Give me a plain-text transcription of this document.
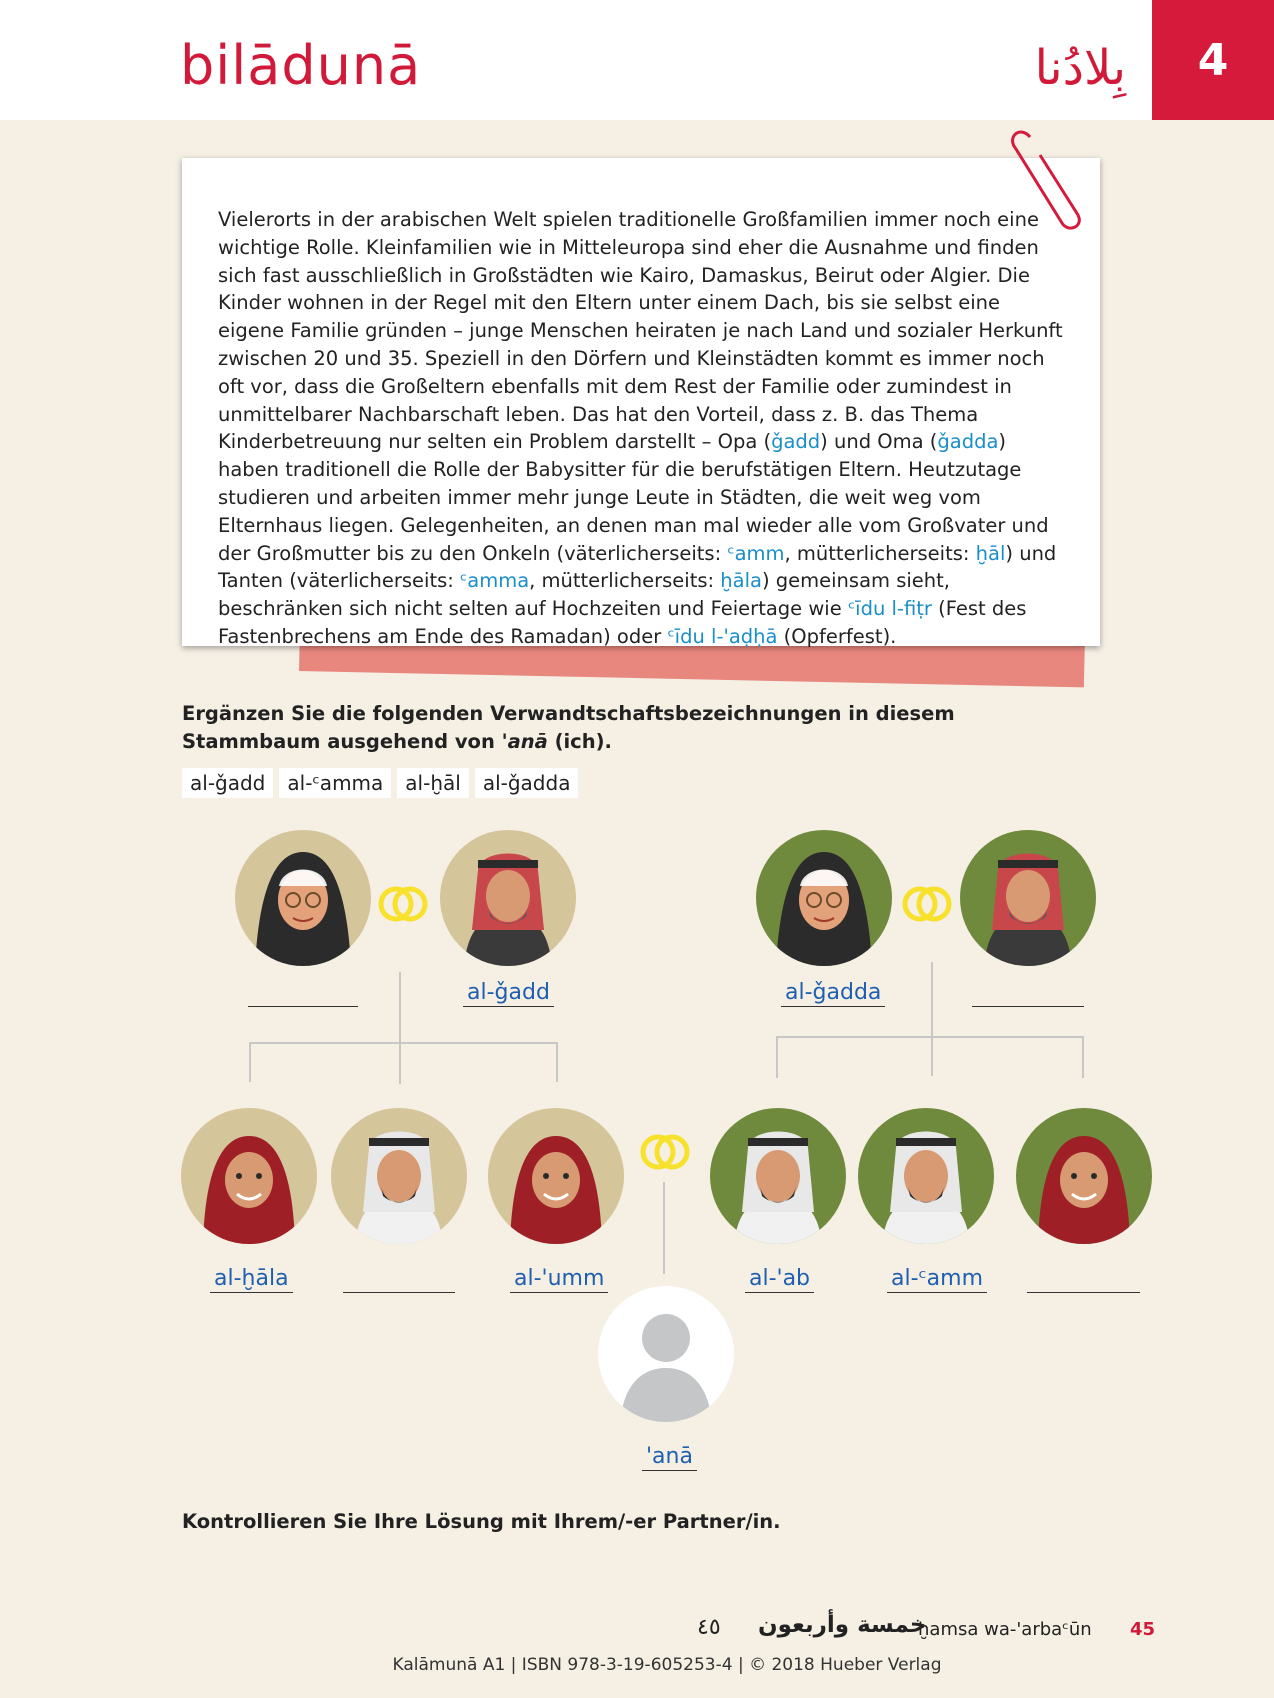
bilādunā	بِلادُنا 4
Vielerorts in der arabischen Welt spielen traditionelle Großfamilien immer noch eine wichtige Rolle. Kleinfamilien wie in Mitteleuropa sind eher die Ausnahme und finden sich fast ausschließlich in Großstädten wie Kairo, Damaskus, Beirut oder Algier. Die Kinder wohnen in der Regel mit den Eltern unter einem Dach, bis sie selbst eine eigene Familie gründen – junge Menschen heiraten je nach Land und sozialer Herkunft zwischen 20 und 35. Speziell in den Dörfern und Kleinstädten kommt es immer noch oft vor, dass die Großeltern ebenfalls mit dem Rest der Familie oder zumindest in unmittelbarer Nachbarschaft leben. Das hat den Vorteil, dass z. B. das Thema Kinderbetreuung nur selten ein Problem darstellt – Opa (ǧadd) und Oma (ǧadda) haben traditionell die Rolle der Babysitter für die berufstätigen Eltern. Heutzutage studieren und arbeiten immer mehr junge Leute in Städten, die weit weg vom Elternhaus liegen. Gelegenheiten, an denen man mal wieder alle vom Großvater und der Großmutter bis zu den Onkeln (väterlicherseits: ᶜamm, mütterlicherseits: ḫāl) und Tanten (väterlicherseits: ᶜamma, mütterlicherseits: ḫāla) gemeinsam sieht, beschränken sich nicht selten auf Hochzeiten und Feiertage wie ᶜīdu l-fiṭr (Fest des Fastenbrechens am Ende des Ramadan) oder ᶜīdu l-'aḍḥā (Opferfest).
Ergänzen Sie die folgenden Verwandtschaftsbezeichnungen in diesem
Stammbaum ausgehend von 'anā (ich).
al-ǧadd	al-ᶜamma	al-ḫāl	al-ǧadda
al-ǧadd	al-ǧadda
al-ḫāla	al-'umm	al-'ab	al-ᶜamm
'anā
Kontrollieren Sie Ihre Lösung mit Ihrem/-er Partner/in.
٤٥ خمسة وأربعون
ḫamsa wa-'arbaᶜūn 45
Kalāmunā A1 | ISBN 978-3-19-605253-4 | © 2018 Hueber Verlag
